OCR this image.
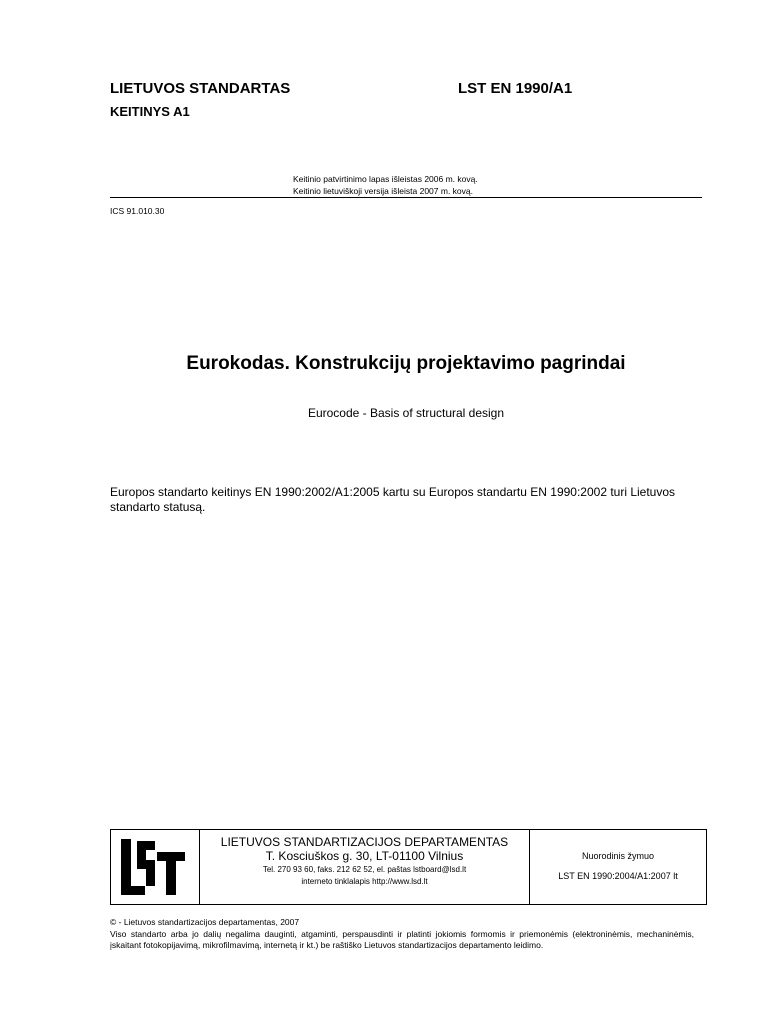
LIETUVOS STANDARTAS	LST EN 1990/A1
KEITINYS A1
Keitinio patvirtinimo lapas išleistas 2006 m. kovą.
Keitinio lietuviškoji versija išleista 2007 m. kovą.
ICS 91.010.30
Eurokodas. Konstrukcijų projektavimo pagrindai
Eurocode - Basis of structural design
Europos standarto keitinys EN 1990:2002/A1:2005 kartu su Europos standartu EN 1990:2002 turi Lietuvos standarto statusą.
LIETUVOS STANDARTIZACIJOS DEPARTAMENTAS
T. Kosciuškos g. 30, LT-01100 Vilnius
Tel. 270 93 60, faks. 212 62 52, el. paštas lstboard@lsd.lt
interneto tinklalapis http://www.lsd.lt
Nuorodinis žymuo
LST EN 1990:2004/A1:2007 lt
© - Lietuvos standartizacijos departamentas, 2007
Viso standarto arba jo dalių negalima dauginti, atgaminti, perspausdinti ir platinti jokiomis formomis ir priemonėmis (elektroninėmis, mechaninėmis, įskaitant fotokopijavimą, mikrofilmavimą, internetą ir kt.) be raštiško Lietuvos standartizacijos departamento leidimo.
